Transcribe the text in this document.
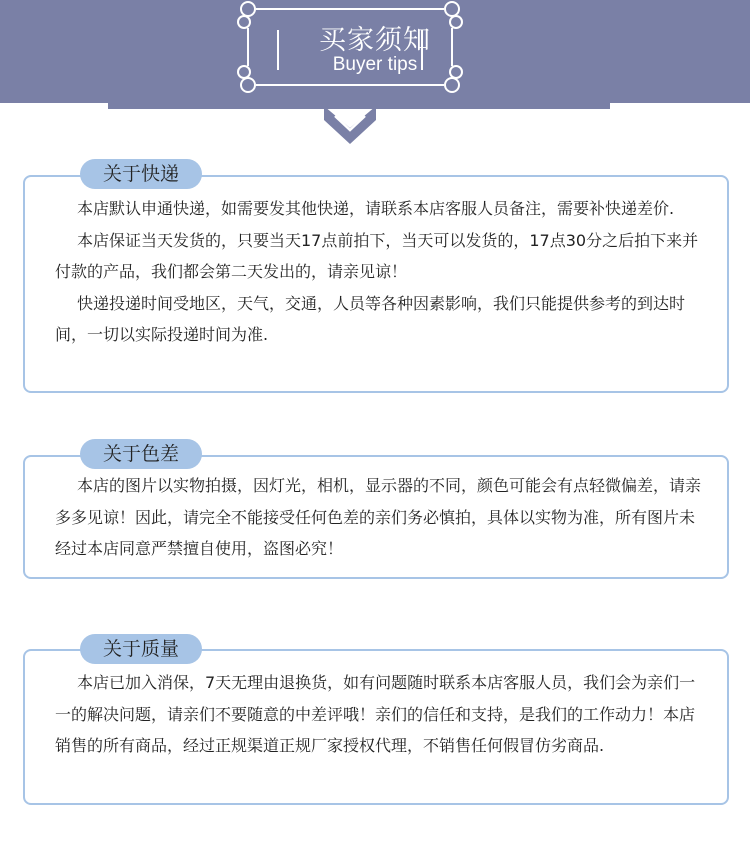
买家须知
Buyer tips

本店默认申通快递，如需要发其他快递，请联系本店客服人员备注，需要补快递差价.

本店保证当天发货的，只要当天17点前拍下，当天可以发货的，17点30分之后拍下来并付款的产品，我们都会第二天发出的，请亲见谅！

快递投递时间受地区，天气，交通，人员等各种因素影响，我们只能提供参考的到达时间，一切以实际投递时间为准.

关于快递

本店的图片以实物拍摄，因灯光，相机，显示器的不同，颜色可能会有点轻微偏差，请亲多多见谅！因此，请完全不能接受任何色差的亲们务必慎拍，具体以实物为准，所有图片未经过本店同意严禁擅自使用，盗图必究！

关于色差

本店已加入消保，7天无理由退换货，如有问题随时联系本店客服人员，我们会为亲们一一的解决问题，请亲们不要随意的中差评哦！亲们的信任和支持，是我们的工作动力！本店销售的所有商品，经过正规渠道正规厂家授权代理，不销售任何假冒仿劣商品.

关于质量
